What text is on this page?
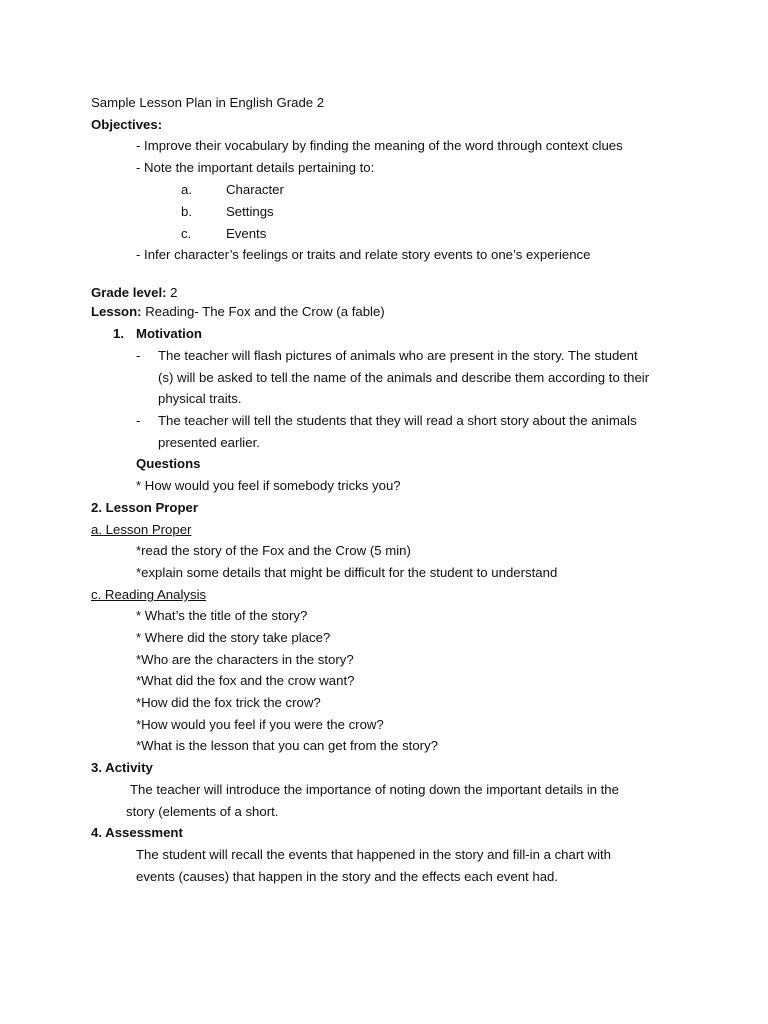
Sample Lesson Plan in English Grade 2
Objectives:
- Improve their vocabulary by finding the meaning of the word through context clues
- Note the important details pertaining to:
a.	Character
b.	Settings
c.	Events
- Infer character’s feelings or traits and relate story events to one’s experience
Grade level: 2
Lesson: Reading- The Fox and the Crow (a fable)
1. Motivation
- The teacher will flash pictures of animals who are present in the story. The student
(s) will be asked to tell the name of the animals and describe them according to their
physical traits.
- The teacher will tell the students that they will read a short story about the animals
presented earlier.
Questions
* How would you feel if somebody tricks you?
2. Lesson Proper
a. Lesson Proper
*read the story of the Fox and the Crow (5 min)
*explain some details that might be difficult for the student to understand
c. Reading Analysis
* What’s the title of the story?
* Where did the story take place?
*Who are the characters in the story?
*What did the fox and the crow want?
*How did the fox trick the crow?
*How would you feel if you were the crow?
*What is the lesson that you can get from the story?
3. Activity
The teacher will introduce the importance of noting down the important details in the
story (elements of a short.
4. Assessment
The student will recall the events that happened in the story and fill-in a chart with
events (causes) that happen in the story and the effects each event had.
